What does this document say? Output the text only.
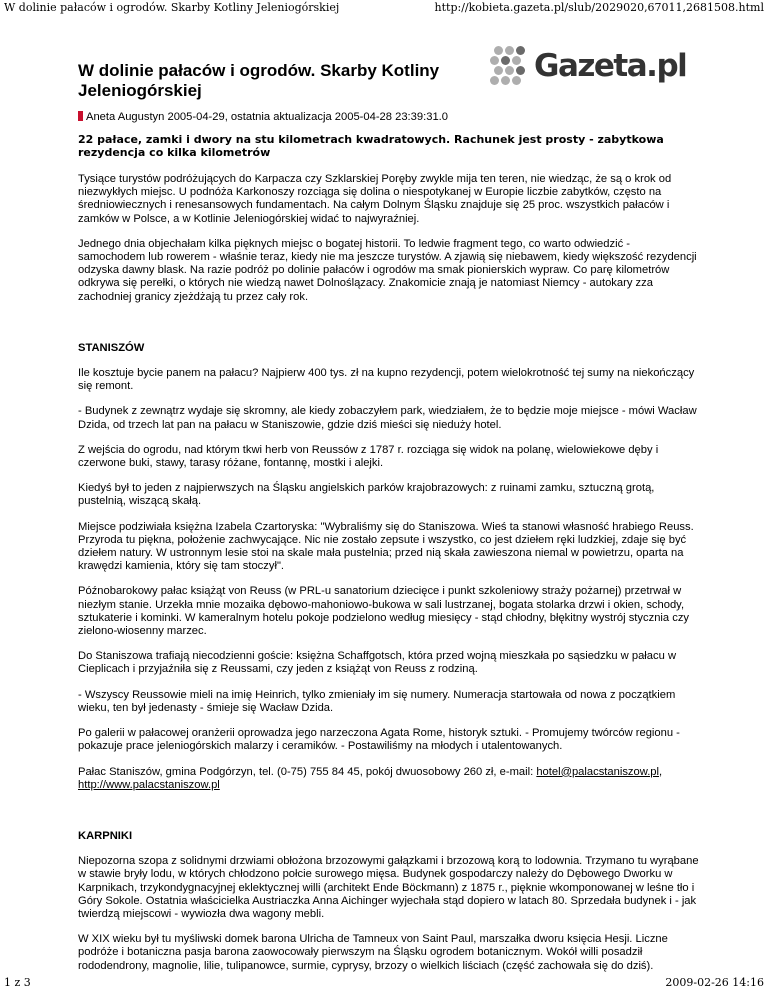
W dolinie pałaców i ogrodów. Skarby Kotliny Jeleniogórskiej	http://kobieta.gazeta.pl/slub/2029020,67011,2681508.html
Gazeta.pl
W dolinie pałaców i ogrodów. Skarby Kotliny Jeleniogórskiej
Aneta Augustyn 2005-04-29, ostatnia aktualizacja 2005-04-28 23:39:31.0

22 pałace, zamki i dwory na stu kilometrach kwadratowych. Rachunek jest prosty - zabytkowa rezydencja co kilka kilometrów

Tysiące turystów podróżujących do Karpacza czy Szklarskiej Poręby zwykle mija ten teren, nie wiedząc, że są o krok od niezwykłych miejsc. U podnóża Karkonoszy rozciąga się dolina o niespotykanej w Europie liczbie zabytków, często na średniowiecznych i renesansowych fundamentach. Na całym Dolnym Śląsku znajduje się 25 proc. wszystkich pałaców i zamków w Polsce, a w Kotlinie Jeleniogórskiej widać to najwyraźniej.

Jednego dnia objechałam kilka pięknych miejsc o bogatej historii. To ledwie fragment tego, co warto odwiedzić - samochodem lub rowerem - właśnie teraz, kiedy nie ma jeszcze turystów. A zjawią się niebawem, kiedy większość rezydencji odzyska dawny blask. Na razie podróż po dolinie pałaców i ogrodów ma smak pionierskich wypraw. Co parę kilometrów odkrywa się perełki, o których nie wiedzą nawet Dolnoślązacy. Znakomicie znają je natomiast Niemcy - autokary zza zachodniej granicy zjeżdżają tu przez cały rok.

STANISZÓW

Ile kosztuje bycie panem na pałacu? Najpierw 400 tys. zł na kupno rezydencji, potem wielokrotność tej sumy na niekończący się remont.

- Budynek z zewnątrz wydaje się skromny, ale kiedy zobaczyłem park, wiedziałem, że to będzie moje miejsce - mówi Wacław Dzida, od trzech lat pan na pałacu w Staniszowie, gdzie dziś mieści się nieduży hotel.

Z wejścia do ogrodu, nad którym tkwi herb von Reussów z 1787 r. rozciąga się widok na polanę, wielowiekowe dęby i czerwone buki, stawy, tarasy różane, fontannę, mostki i alejki.

Kiedyś był to jeden z najpierwszych na Śląsku angielskich parków krajobrazowych: z ruinami zamku, sztuczną grotą, pustelnią, wiszącą skałą.

Miejsce podziwiała księżna Izabela Czartoryska: "Wybraliśmy się do Staniszowa. Wieś ta stanowi własność hrabiego Reuss. Przyroda tu piękna, położenie zachwycające. Nic nie zostało zepsute i wszystko, co jest dziełem ręki ludzkiej, zdaje się być dziełem natury. W ustronnym lesie stoi na skale mała pustelnia; przed nią skała zawieszona niemal w powietrzu, oparta na krawędzi kamienia, który się tam stoczył".

Późnobarokowy pałac książąt von Reuss (w PRL-u sanatorium dziecięce i punkt szkoleniowy straży pożarnej) przetrwał w niezłym stanie. Urzekła mnie mozaika dębowo-mahoniowo-bukowa w sali lustrzanej, bogata stolarka drzwi i okien, schody, sztukaterie i kominki. W kameralnym hotelu pokoje podzielono według miesięcy - stąd chłodny, błękitny wystrój stycznia czy zielono-wiosenny marzec.

Do Staniszowa trafiają niecodzienni goście: księżna Schaffgotsch, która przed wojną mieszkała po sąsiedzku w pałacu w Cieplicach i przyjaźniła się z Reussami, czy jeden z książąt von Reuss z rodziną.

- Wszyscy Reussowie mieli na imię Heinrich, tylko zmieniały im się numery. Numeracja startowała od nowa z początkiem wieku, ten był jedenasty - śmieje się Wacław Dzida.

Po galerii w pałacowej oranżerii oprowadza jego narzeczona Agata Rome, historyk sztuki. - Promujemy twórców regionu - pokazuje prace jeleniogórskich malarzy i ceramików. - Postawiliśmy na młodych i utalentowanych.

Pałac Staniszów, gmina Podgórzyn, tel. (0-75) 755 84 45, pokój dwuosobowy 260 zł, e-mail: hotel@palacstaniszow.pl,
http://www.palacstaniszow.pl

KARPNIKI

Niepozorna szopa z solidnymi drzwiami obłożona brzozowymi gałązkami i brzozową korą to lodownia. Trzymano tu wyrąbane w stawie bryły lodu, w których chłodzono połcie surowego mięsa. Budynek gospodarczy należy do Dębowego Dworku w Karpnikach, trzykondygnacyjnej eklektycznej willi (architekt Ende Böckmann) z 1875 r., pięknie wkomponowanej w leśne tło i Góry Sokole. Ostatnia właścicielka Austriaczka Anna Aichinger wyjechała stąd dopiero w latach 80. Sprzedała budynek i - jak twierdzą miejscowi - wywiozła dwa wagony mebli.

W XIX wieku był tu myśliwski domek barona Ulricha de Tamneux von Saint Paul, marszałka dworu księcia Hesji. Liczne podróże i botaniczna pasja barona zaowocowały pierwszym na Śląsku ogrodem botanicznym. Wokół willi posadził rododendrony, magnolie, lilie, tulipanowce, surmie, cyprysy, brzozy o wielkich liściach (część zachowała się do dziś).

1 z 3	2009-02-26 14:16
